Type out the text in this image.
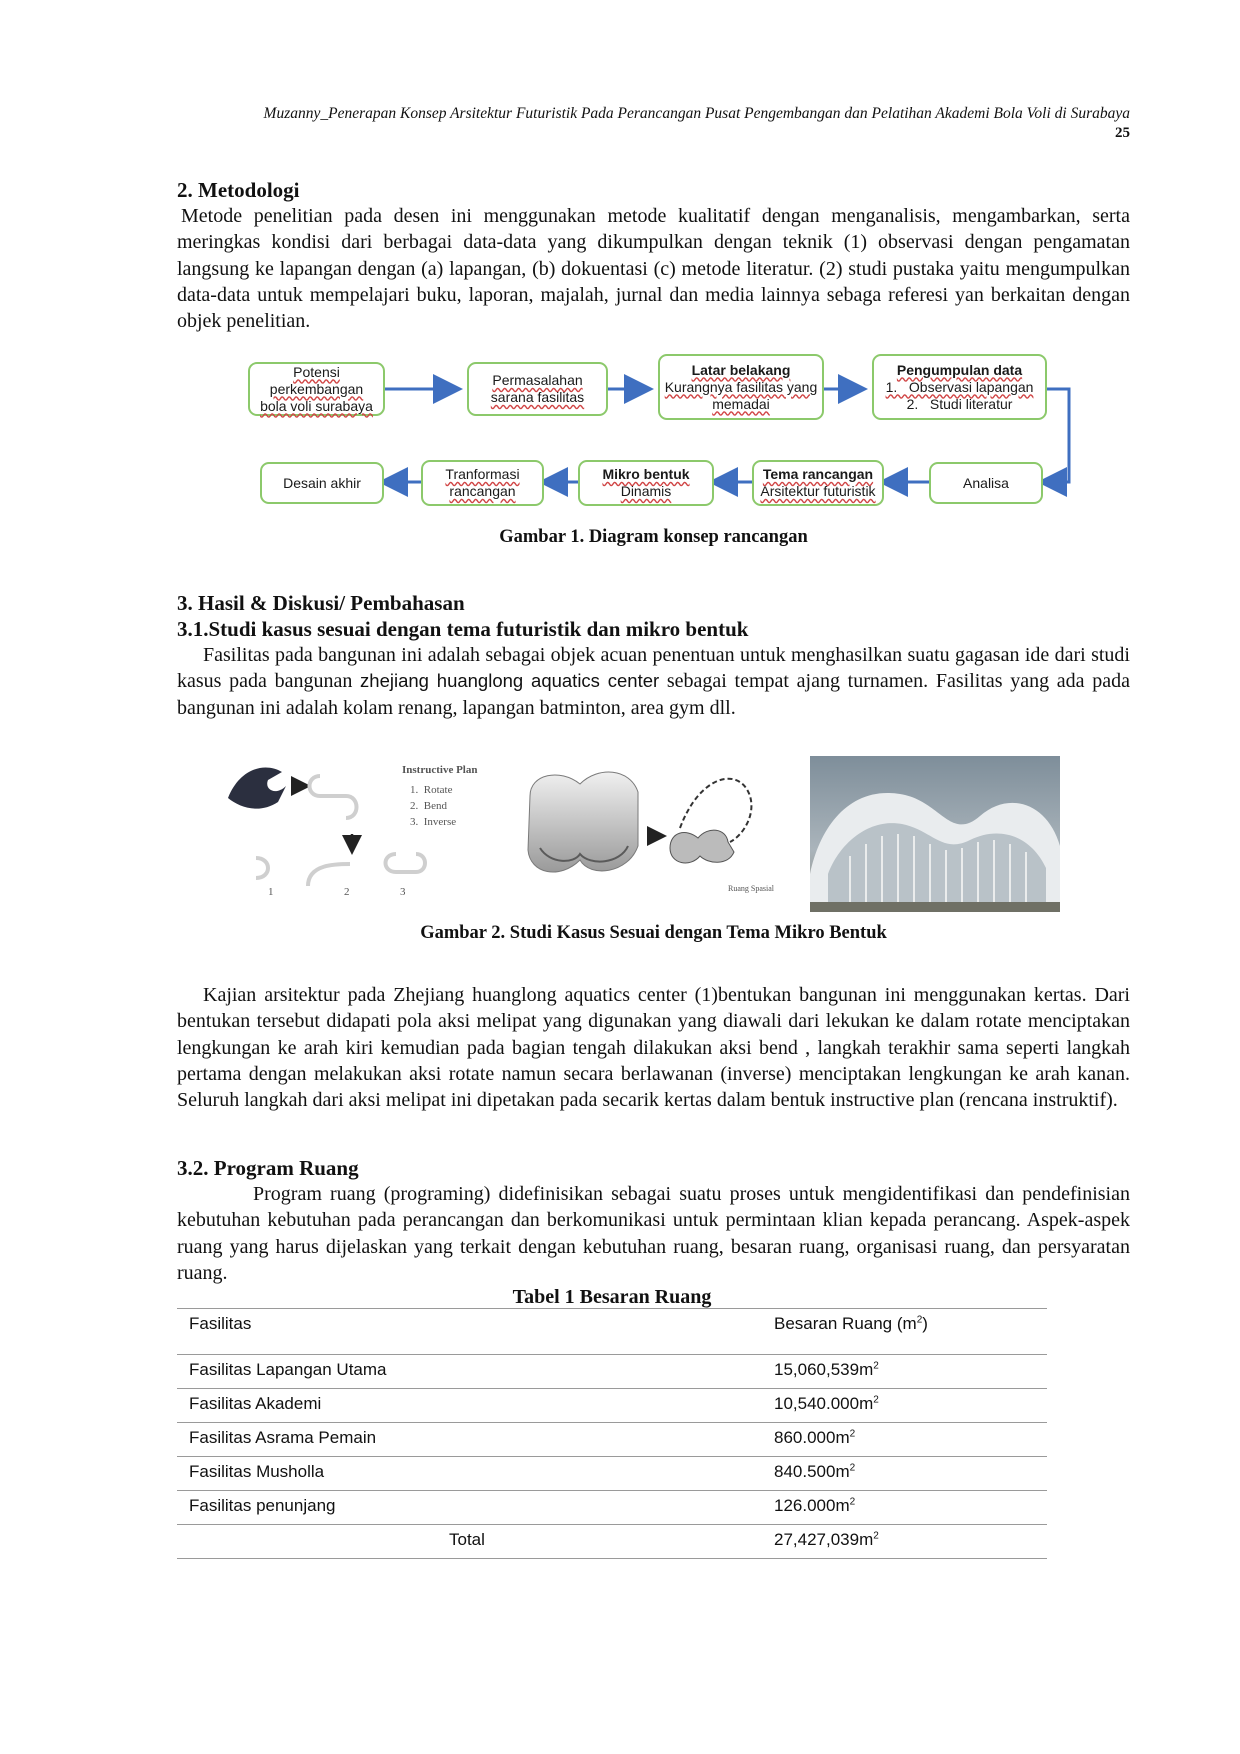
Muzanny_Penerapan Konsep Arsitektur Futuristik Pada Perancangan Pusat Pengembangan dan Pelatihan Akademi Bola Voli di Surabaya
25
2. Metodologi
Metode penelitian pada desen ini menggunakan metode kualitatif dengan menganalisis, mengambarkan, serta meringkas kondisi dari berbagai data-data yang dikumpulkan dengan teknik (1) observasi dengan pengamatan langsung ke lapangan dengan (a) lapangan, (b) dokuentasi (c) metode literatur. (2) studi pustaka yaitu mengumpulkan data-data untuk mempelajari buku, laporan, majalah, jurnal dan media lainnya sebaga referesi yan berkaitan dengan objek penelitian.
Potensi perkembangan
bola voli surabaya
Permasalahan
sarana fasilitas
Latar belakang
Kurangnya fasilitas yang
memadai
Pengumpulan data
1.   Observasi lapangan
2.   Studi literatur
Analisa
Tema rancangan
Arsitektur futuristik
Mikro bentuk
Dinamis
Tranformasi
rancangan
Desain akhir
Gambar 1. Diagram konsep rancangan
3. Hasil & Diskusi/ Pembahasan
3.1.Studi kasus sesuai dengan tema futuristik dan mikro bentuk
Fasilitas pada bangunan ini adalah sebagai objek acuan penentuan untuk menghasilkan suatu gagasan ide dari studi kasus pada bangunan zhejiang huanglong aquatics center sebagai tempat ajang turnamen. Fasilitas yang ada pada bangunan ini adalah kolam renang, lapangan batminton, area gym dll.
Instructive Plan
1.  Rotate
2.  Bend
3.  Inverse
1	2	3	Ruang Spasial
Gambar 2. Studi Kasus Sesuai dengan Tema Mikro Bentuk
Kajian arsitektur pada Zhejiang huanglong aquatics center (1)bentukan bangunan ini menggunakan kertas. Dari bentukan tersebut didapati pola aksi melipat yang digunakan yang diawali dari lekukan ke dalam rotate menciptakan lengkungan ke arah kiri kemudian pada bagian tengah dilakukan aksi bend , langkah terakhir sama seperti langkah pertama dengan melakukan aksi rotate namun secara berlawanan (inverse) menciptakan lengkungan ke arah kanan. Seluruh langkah dari aksi melipat ini dipetakan pada secarik kertas dalam bentuk instructive plan (rencana instruktif).
3.2. Program Ruang
Program ruang (programing) didefinisikan sebagai suatu proses untuk mengidentifikasi dan pendefinisian kebutuhan kebutuhan pada perancangan dan berkomunikasi untuk permintaan klian kepada perancang. Aspek-aspek ruang yang harus dijelaskan yang terkait dengan kebutuhan ruang, besaran ruang, organisasi ruang, dan persyaratan ruang.
Tabel 1 Besaran Ruang
Fasilitas	Besaran Ruang $(m^2)$
Fasilitas Lapangan Utama	$15,060,539m^2$
Fasilitas Akademi	$10,540.000m^2$
Fasilitas Asrama Pemain	$860.000m^2$
Fasilitas Musholla	$840.500m^2$
Fasilitas penunjang	$126.000m^2$
Total	$27,427,039m^2$
